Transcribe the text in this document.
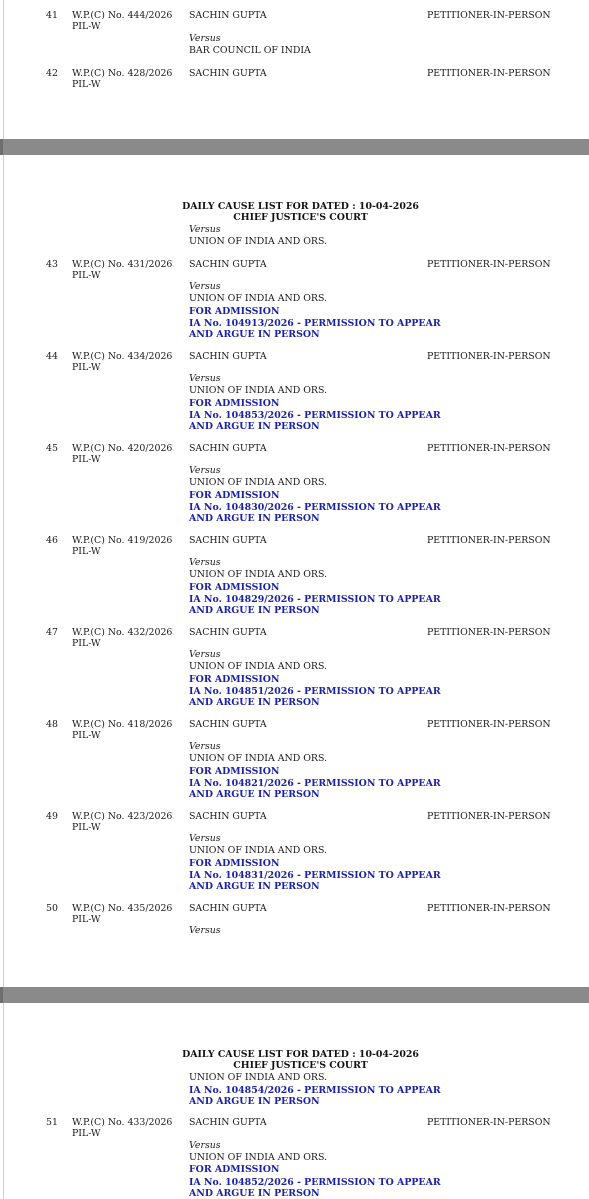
41 W.P.(C) No. 444/2026
PIL-W
SACHIN GUPTA	PETITIONER-IN-PERSON
Versus
BAR COUNCIL OF INDIA
42 W.P.(C) No. 428/2026
PIL-W
SACHIN GUPTA	PETITIONER-IN-PERSON
DAILY CAUSE LIST FOR DATED : 10-04-2026
CHIEF JUSTICE'S COURT
Versus
UNION OF INDIA AND ORS.
43 W.P.(C) No. 431/2026
PIL-W
SACHIN GUPTA	PETITIONER-IN-PERSON
Versus
UNION OF INDIA AND ORS.
FOR ADMISSION
IA No. 104913/2026 - PERMISSION TO APPEAR
AND ARGUE IN PERSON
44 W.P.(C) No. 434/2026
PIL-W
SACHIN GUPTA	PETITIONER-IN-PERSON
Versus
UNION OF INDIA AND ORS.
FOR ADMISSION
IA No. 104853/2026 - PERMISSION TO APPEAR
AND ARGUE IN PERSON
45 W.P.(C) No. 420/2026
PIL-W
SACHIN GUPTA	PETITIONER-IN-PERSON
Versus
UNION OF INDIA AND ORS.
FOR ADMISSION
IA No. 104830/2026 - PERMISSION TO APPEAR
AND ARGUE IN PERSON
46 W.P.(C) No. 419/2026
PIL-W
SACHIN GUPTA	PETITIONER-IN-PERSON
Versus
UNION OF INDIA AND ORS.
FOR ADMISSION
IA No. 104829/2026 - PERMISSION TO APPEAR
AND ARGUE IN PERSON
47 W.P.(C) No. 432/2026
PIL-W
SACHIN GUPTA	PETITIONER-IN-PERSON
Versus
UNION OF INDIA AND ORS.
FOR ADMISSION
IA No. 104851/2026 - PERMISSION TO APPEAR
AND ARGUE IN PERSON
48 W.P.(C) No. 418/2026
PIL-W
SACHIN GUPTA	PETITIONER-IN-PERSON
Versus
UNION OF INDIA AND ORS.
FOR ADMISSION
IA No. 104821/2026 - PERMISSION TO APPEAR
AND ARGUE IN PERSON
49 W.P.(C) No. 423/2026
PIL-W
SACHIN GUPTA	PETITIONER-IN-PERSON
Versus
UNION OF INDIA AND ORS.
FOR ADMISSION
IA No. 104831/2026 - PERMISSION TO APPEAR
AND ARGUE IN PERSON
50 W.P.(C) No. 435/2026
PIL-W
SACHIN GUPTA	PETITIONER-IN-PERSON
Versus
DAILY CAUSE LIST FOR DATED : 10-04-2026
CHIEF JUSTICE'S COURT
UNION OF INDIA AND ORS.
IA No. 104854/2026 - PERMISSION TO APPEAR
AND ARGUE IN PERSON
51 W.P.(C) No. 433/2026
PIL-W
SACHIN GUPTA	PETITIONER-IN-PERSON
Versus
UNION OF INDIA AND ORS.
FOR ADMISSION
IA No. 104852/2026 - PERMISSION TO APPEAR
AND ARGUE IN PERSON
